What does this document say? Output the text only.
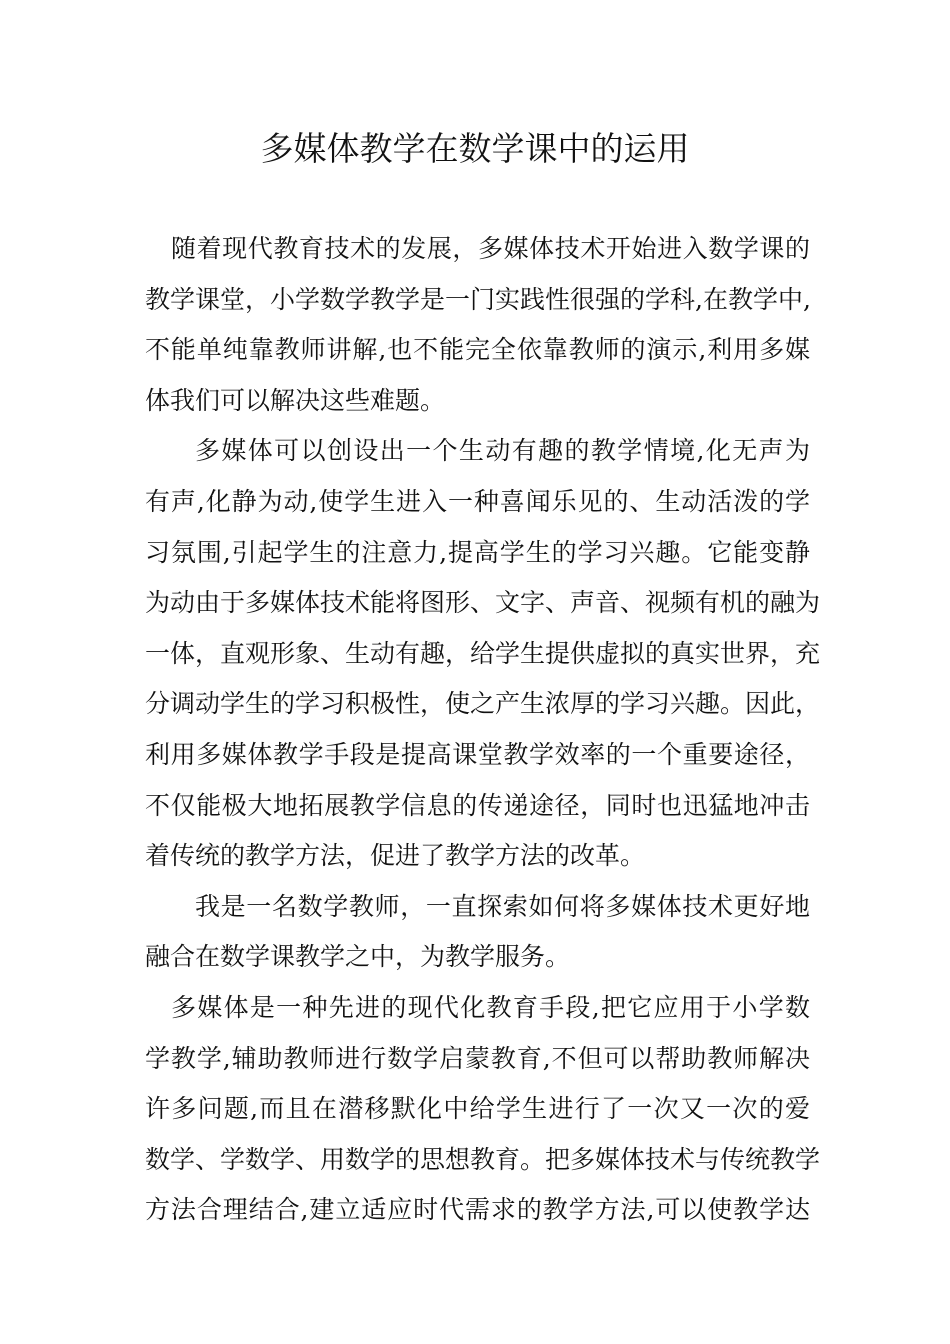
多媒体教学在数学课中的运用
随着现代教育技术的发展，多媒体技术开始进入数学课的
教学课堂，小学数学教学是一门实践性很强的学科,在教学中,
不能单纯靠教师讲解,也不能完全依靠教师的演示,利用多媒
体我们可以解决这些难题。
多媒体可以创设出一个生动有趣的教学情境,化无声为
有声,化静为动,使学生进入一种喜闻乐见的、生动活泼的学
习氛围,引起学生的注意力,提高学生的学习兴趣。它能变静
为动由于多媒体技术能将图形、文字、声音、视频有机的融为
一体，直观形象、生动有趣，给学生提供虚拟的真实世界，充
分调动学生的学习积极性，使之产生浓厚的学习兴趣。因此，
利用多媒体教学手段是提高课堂教学效率的一个重要途径，
不仅能极大地拓展教学信息的传递途径，同时也迅猛地冲击
着传统的教学方法，促进了教学方法的改革。
我是一名数学教师，一直探索如何将多媒体技术更好地
融合在数学课教学之中，为教学服务。
多媒体是一种先进的现代化教育手段,把它应用于小学数
学教学,辅助教师进行数学启蒙教育,不但可以帮助教师解决
许多问题,而且在潜移默化中给学生进行了一次又一次的爱
数学、学数学、用数学的思想教育。把多媒体技术与传统教学
方法合理结合,建立适应时代需求的教学方法,可以使教学达
